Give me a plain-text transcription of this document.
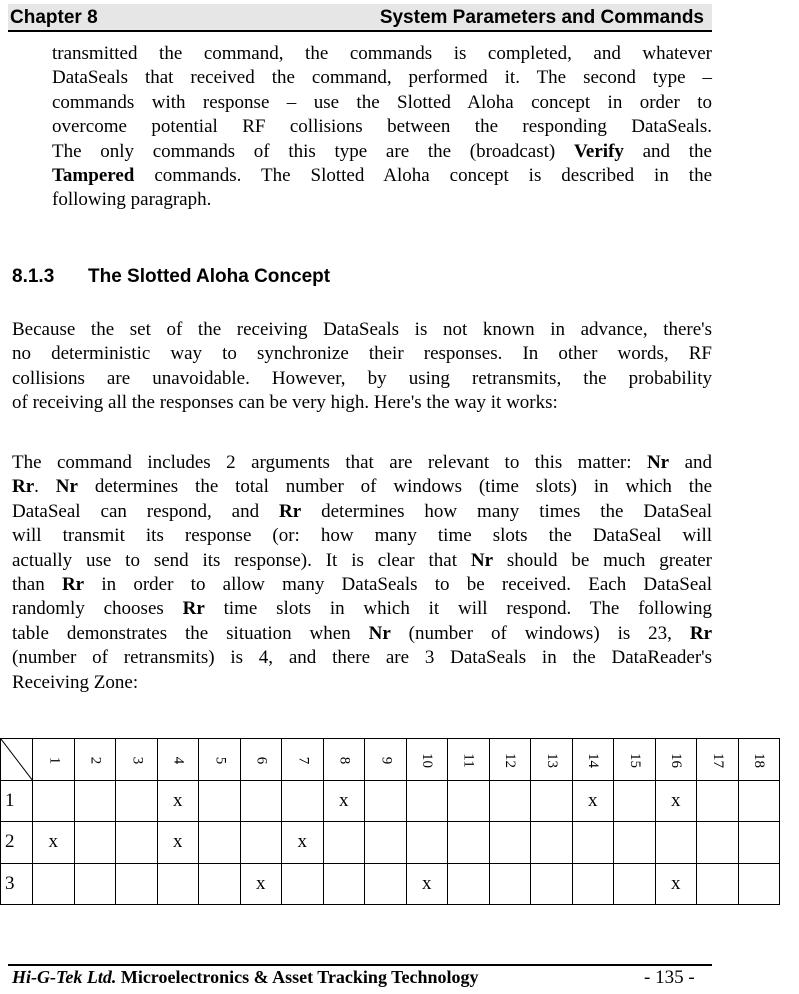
Chapter 8	System Parameters and Commands
transmitted the command, the commands is completed, and whatever
DataSeals that received the command, performed it. The second type –
commands with response – use the Slotted Aloha concept in order to
overcome potential RF collisions between the responding DataSeals.
The only commands of this type are the (broadcast) Verify and the
Tampered commands. The Slotted Aloha concept is described in the
following paragraph.
8.1.3 The Slotted Aloha Concept
Because the set of the receiving DataSeals is not known in advance, there's
no deterministic way to synchronize their responses. In other words, RF
collisions are unavoidable. However, by using retransmits, the probability
of receiving all the responses can be very high. Here's the way it works:
The command includes 2 arguments that are relevant to this matter: Nr and
Rr. Nr determines the total number of windows (time slots) in which the
DataSeal can respond, and Rr determines how many times the DataSeal
will transmit its response (or: how many time slots the DataSeal will
actually use to send its response). It is clear that Nr should be much greater
than Rr in order to allow many DataSeals to be received. Each DataSeal
randomly chooses Rr time slots in which it will respond. The following
table demonstrates the situation when Nr (number of windows) is 23, Rr
(number of retransmits) is 4, and there are 3 DataSeals in the DataReader's
Receiving Zone:
	1	2	3	4	5	6	7	8	9	10	11	12	13	14	15	16	17	18
1				x				x						x		x		
2	x			x			x											
3						x				x						x		
Hi-G-Tek Ltd. Microelectronics & Asset Tracking Technology	- 135 -
